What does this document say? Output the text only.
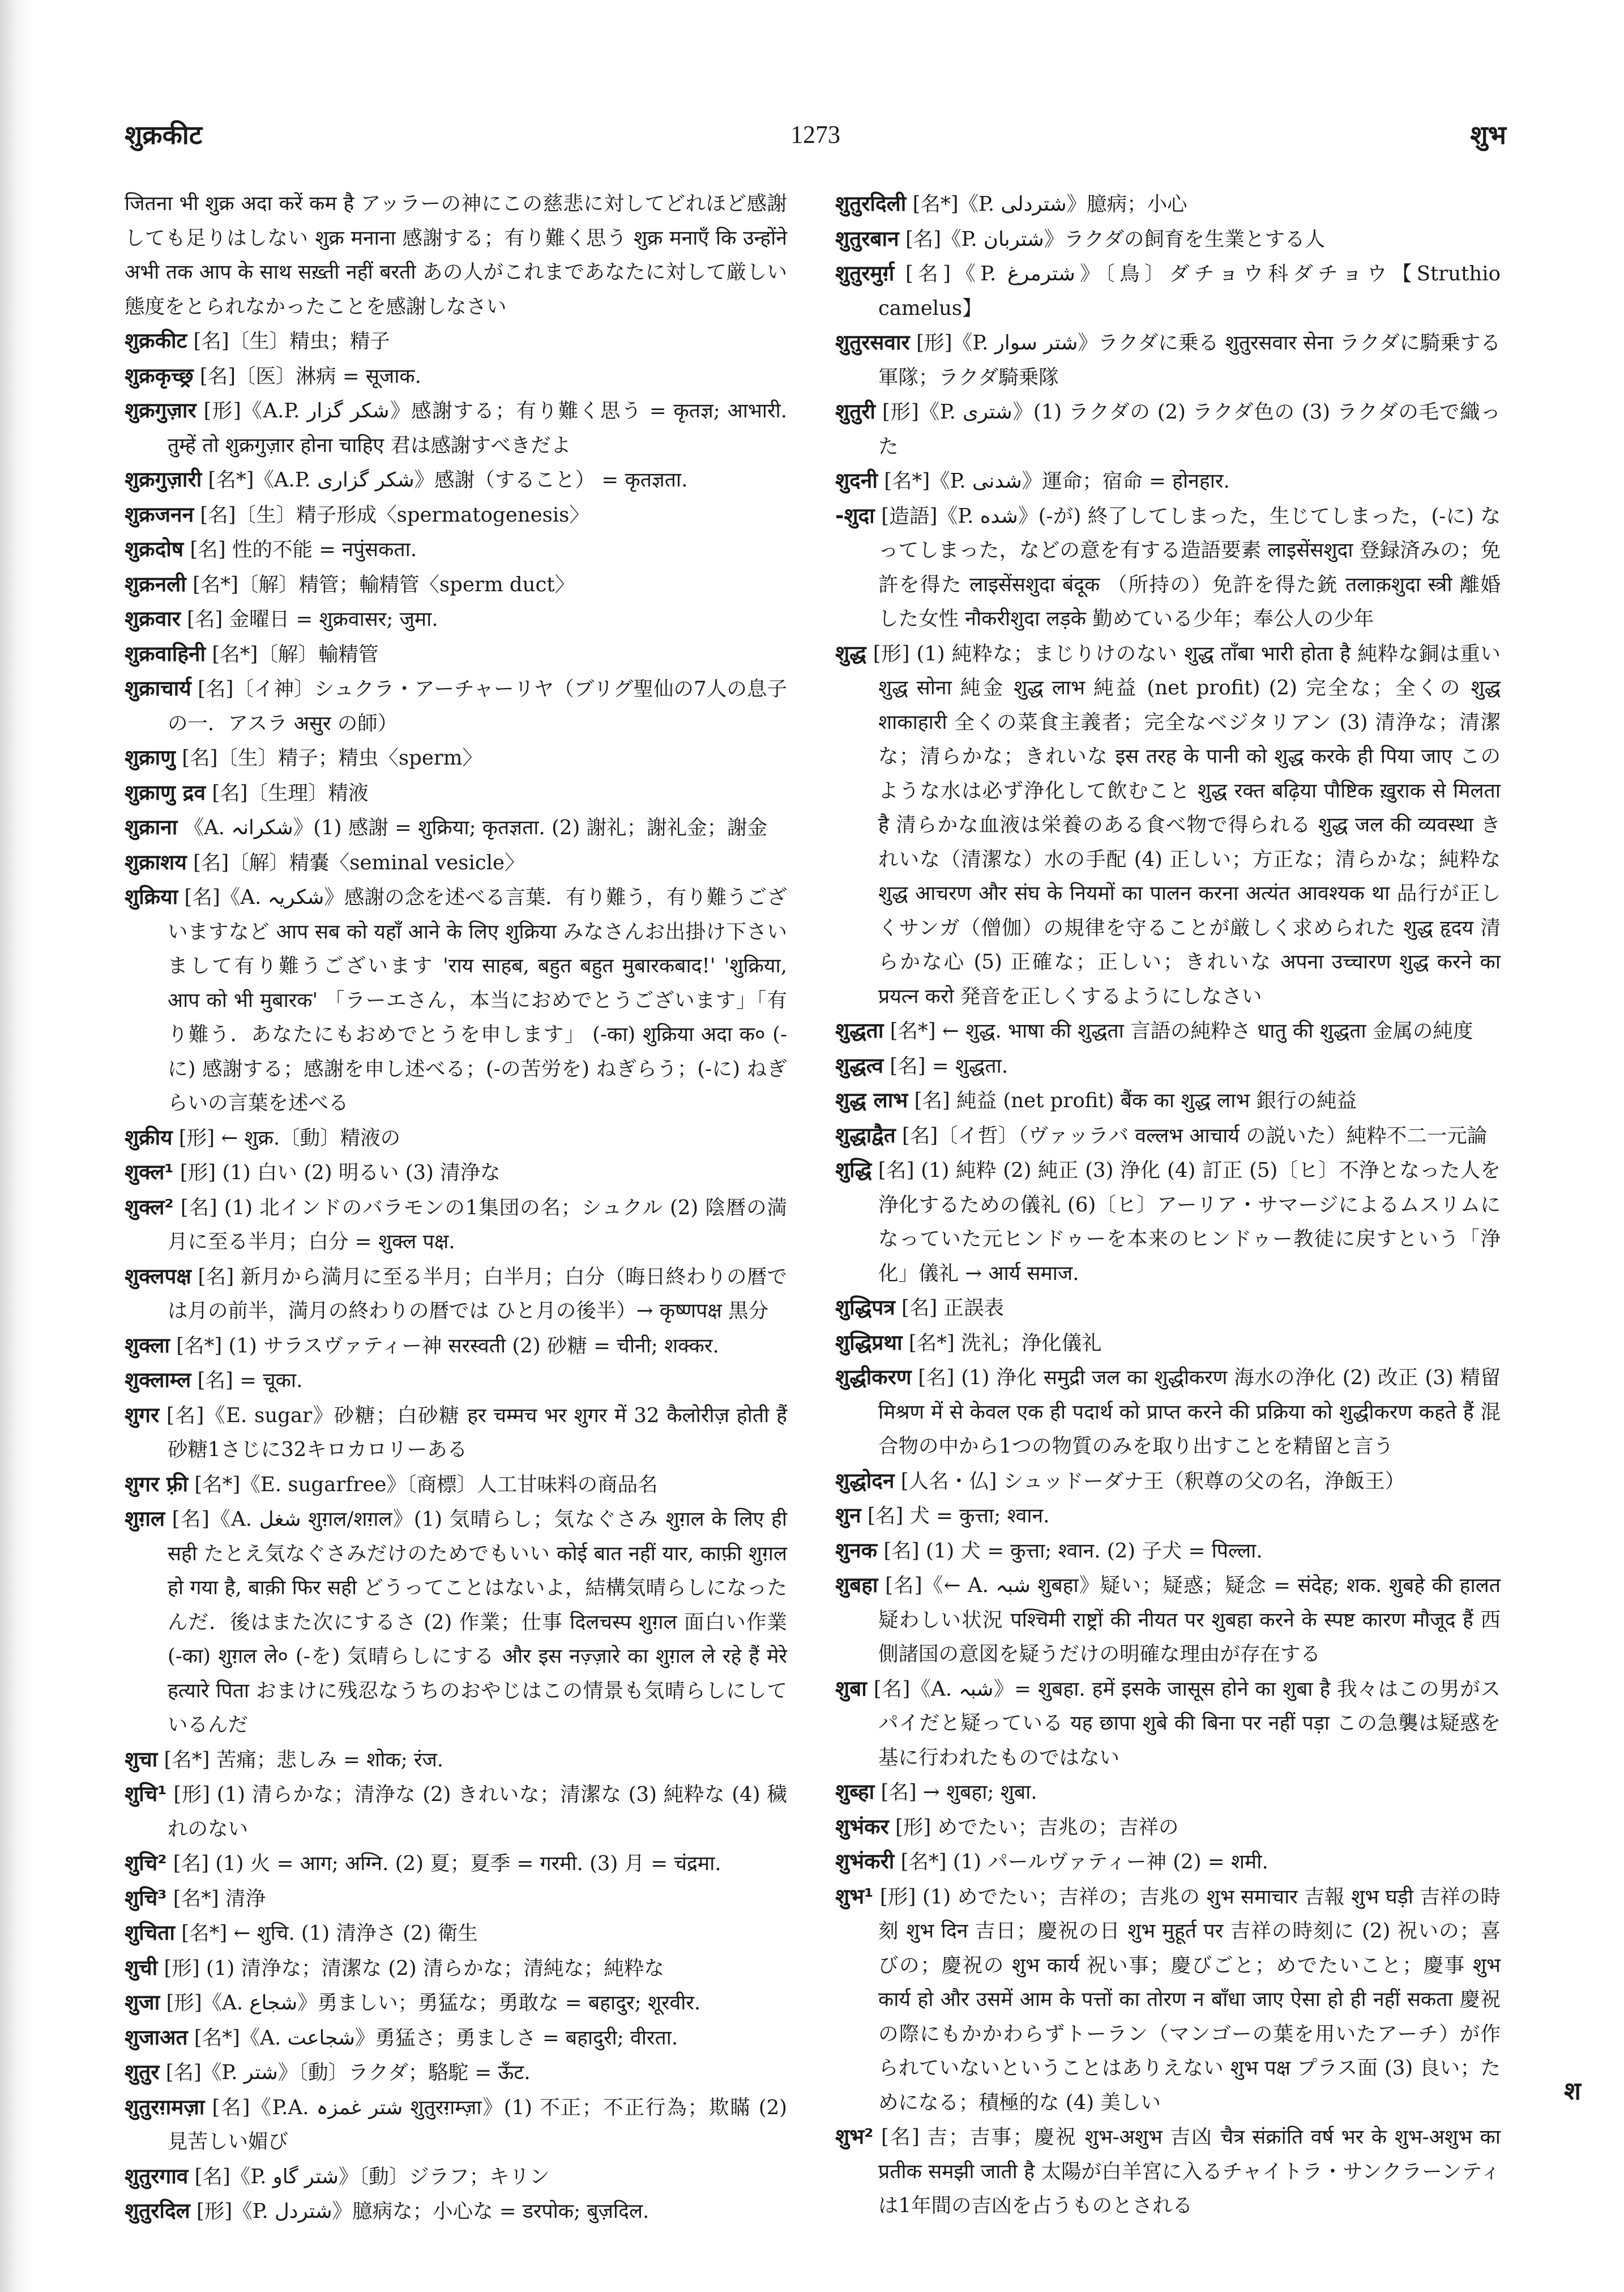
शुक्रकीट	1273	शुभ

जितना भी शुक्र अदा करें कम है アッラーの神にこの慈悲に対してどれほど感謝しても足りはしない शुक्र मनाना 感謝する；有り難く思う शुक्र मनाएँ कि उन्होंने अभी तक आप के साथ सख़्ती नहीं बरती あの人がこれまであなたに対して厳しい態度をとられなかったことを感謝しなさい

शुक्रकीट [名]〔生〕精虫；精子

शुक्रकृच्छ्र [名]〔医〕淋病 = सूजाक.

शुक्रगुज़ार [形]《A.P. شکر گزار》感謝する；有り難く思う = कृतज्ञ; आभारी. तुम्हें तो शुक्रगुज़ार होना चाहिए 君は感謝すべきだよ

शुक्रगुज़ारी [名*]《A.P. شکر گزاری》感謝（すること） = कृतज्ञता.

शुक्रजनन [名]〔生〕精子形成〈spermatogenesis〉

शुक्रदोष [名] 性的不能 = नपुंसकता.

शुक्रनली [名*]〔解〕精管；輸精管〈sperm duct〉

शुक्रवार [名] 金曜日 = शुक्रवासर; जुमा.

शुक्रवाहिनी [名*]〔解〕輸精管

शुक्राचार्य [名]〔イ神〕シュクラ・アーチャーリヤ（ブリグ聖仙の7人の息子の一．アスラ असुर の師）

शुक्राणु [名]〔生〕精子；精虫〈sperm〉

शुक्राणु द्रव [名]〔生理〕精液

शुक्राना 《A. شکرانہ》(1) 感謝 = शुक्रिया; कृतज्ञता. (2) 謝礼；謝礼金；謝金

शुक्राशय [名]〔解〕精嚢〈seminal vesicle〉

शुक्रिया [名]《A. شکریہ》感謝の念を述べる言葉．有り難う，有り難うございますなど आप सब को यहाँ आने के लिए शुक्रिया みなさんお出掛け下さいまして有り難うございます 'राय साहब, बहुत बहुत मुबारकबाद!' 'शुक्रिया, आप को भी मुबारक' 「ラーエさん，本当におめでとうございます」「有り難う．あなたにもおめでとうを申します」 (-का) शुक्रिया अदा क० (-に) 感謝する；感謝を申し述べる；(-の苦労を) ねぎらう；(-に) ねぎらいの言葉を述べる

शुक्रीय [形] ← शुक्र.〔動〕精液の

शुक्ल¹ [形] (1) 白い (2) 明るい (3) 清浄な

शुक्ल² [名] (1) 北インドのバラモンの1集団の名；シュクル (2) 陰暦の満月に至る半月；白分 = शुक्ल पक्ष.

शुक्लपक्ष [名] 新月から満月に至る半月；白半月；白分（晦日終わりの暦では月の前半，満月の終わりの暦では ひと月の後半）→ कृष्णपक्ष 黒分

शुक्ला [名*] (1) サラスヴァティー神 सरस्वती (2) 砂糖 = चीनी; शक्कर.

शुक्लाम्ल [名] = चूका.

शुगर [名]《E. sugar》砂糖；白砂糖 हर चम्मच भर शुगर में 32 कैलोरीज़ होती हैं 砂糖1さじに32キロカロリーある

शुगर फ़्री [名*]《E. sugarfree》〔商標〕人工甘味料の商品名

शुग़ल [名]《A. شغل शुग़ल/शग़ल》(1) 気晴らし；気なぐさみ शुग़ल के लिए ही सही たとえ気なぐさみだけのためでもいい कोई बात नहीं यार, काफ़ी शुग़ल हो गया है, बाक़ी फिर सही どうってことはないよ，結構気晴らしになったんだ．後はまた次にするさ (2) 作業；仕事 दिलचस्प शुग़ल 面白い作業 (-का) शुग़ल ले० (-を) 気晴らしにする और इस नज़्ज़ारे का शुग़ल ले रहे हैं मेरे हत्यारे पिता おまけに残忍なうちのおやじはこの情景も気晴らしにしているんだ

शुचा [名*] 苦痛；悲しみ = शोक; रंज.

शुचि¹ [形] (1) 清らかな；清浄な (2) きれいな；清潔な (3) 純粋な (4) 穢れのない

शुचि² [名] (1) 火 = आग; अग्नि. (2) 夏；夏季 = गरमी. (3) 月 = चंद्रमा.

शुचि³ [名*] 清浄

शुचिता [名*] ← शुचि. (1) 清浄さ (2) 衛生

शुची [形] (1) 清浄な；清潔な (2) 清らかな；清純な；純粋な

शुजा [形]《A. شجاع》勇ましい；勇猛な；勇敢な = बहादुर; शूरवीर.

शुजाअत [名*]《A. شجاعت》勇猛さ；勇ましさ = बहादुरी; वीरता.

शुतुर [名]《P. شتر》〔動〕ラクダ；駱駝 = ऊँट.

शुतुरग़मज़ा [名]《P.A. شتر غمزہ शुतुरग़म्ज़ा》(1) 不正；不正行為；欺瞞 (2) 見苦しい媚び

शुतुरगाव [名]《P. شتر گاو》〔動〕ジラフ；キリン

शुतुरदिल [形]《P. شتردل》臆病な；小心な = डरपोक; बुज़दिल.

शुतुरदिली [名*]《P. شتردلی》臆病；小心

शुतुरबान [名]《P. شتربان》ラクダの飼育を生業とする人

शुतुरमुर्ग़ [名]《P. شترمرغ》〔鳥〕ダチョウ科ダチョウ【Struthio camelus】

शुतुरसवार [形]《P. شتر سوار》ラクダに乗る शुतुरसवार सेना ラクダに騎乗する軍隊；ラクダ騎乗隊

शुतुरी [形]《P. شتری》(1) ラクダの (2) ラクダ色の (3) ラクダの毛で織った

शुदनी [名*]《P. شدنی》運命；宿命 = होनहार.

-शुदा [造語]《P. شده》(-が) 終了してしまった，生じてしまった，(-に) なってしまった，などの意を有する造語要素 लाइसेंसशुदा 登録済みの；免許を得た लाइसेंसशुदा बंदूक （所持の）免許を得た銃 तलाक़शुदा स्त्री 離婚した女性 नौकरीशुदा लड़के 勤めている少年；奉公人の少年

शुद्ध [形] (1) 純粋な；まじりけのない शुद्ध ताँबा भारी होता है 純粋な銅は重い शुद्ध सोना 純金 शुद्ध लाभ 純益 (net profit) (2) 完全な；全くの शुद्ध शाकाहारी 全くの菜食主義者；完全なベジタリアン (3) 清浄な；清潔な；清らかな；きれいな इस तरह के पानी को शुद्ध करके ही पिया जाए このような水は必ず浄化して飲むこと शुद्ध रक्त बढ़िया पौष्टिक ख़ुराक से मिलता है 清らかな血液は栄養のある食べ物で得られる शुद्ध जल की व्यवस्था きれいな（清潔な）水の手配 (4) 正しい；方正な；清らかな；純粋な शुद्ध आचरण और संघ के नियमों का पालन करना अत्यंत आवश्यक था 品行が正しくサンガ（僧伽）の規律を守ることが厳しく求められた शुद्ध हृदय 清らかな心 (5) 正確な；正しい；きれいな अपना उच्चारण शुद्ध करने का प्रयत्न करो 発音を正しくするようにしなさい

शुद्धता [名*] ← शुद्ध. भाषा की शुद्धता 言語の純粋さ धातु की शुद्धता 金属の純度

शुद्धत्व [名] = शुद्धता.

शुद्ध लाभ [名] 純益 (net profit) बैंक का शुद्ध लाभ 銀行の純益

शुद्धाद्वैत [名]〔イ哲〕（ヴァッラバ वल्लभ आचार्य の説いた）純粋不二一元論

शुद्धि [名] (1) 純粋 (2) 純正 (3) 浄化 (4) 訂正 (5)〔ヒ〕不浄となった人を浄化するための儀礼 (6)〔ヒ〕アーリア・サマージによるムスリムになっていた元ヒンドゥーを本来のヒンドゥー教徒に戻すという「浄化」儀礼 → आर्य समाज.

शुद्धिपत्र [名] 正誤表

शुद्धिप्रथा [名*] 洗礼；浄化儀礼

शुद्धीकरण [名] (1) 浄化 समुद्री जल का शुद्धीकरण 海水の浄化 (2) 改正 (3) 精留 मिश्रण में से केवल एक ही पदार्थ को प्राप्त करने की प्रक्रिया को शुद्धीकरण कहते हैं 混合物の中から1つの物質のみを取り出すことを精留と言う

शुद्धोदन [人名・仏] シュッドーダナ王（釈尊の父の名，浄飯王）

शुन [名] 犬 = कुत्ता; श्वान.

शुनक [名] (1) 犬 = कुत्ता; श्वान. (2) 子犬 = पिल्ला.

शुबहा [名]《← A. شبہ शुबहा》疑い；疑惑；疑念 = संदेह; शक. शुबहे की हालत 疑わしい状況 पश्चिमी राष्ट्रों की नीयत पर शुबहा करने के स्पष्ट कारण मौजूद हैं 西側諸国の意図を疑うだけの明確な理由が存在する

शुबा [名]《A. شبہ》= शुबहा. हमें इसके जासूस होने का शुबा है 我々はこの男がスパイだと疑っている यह छापा शुबे की बिना पर नहीं पड़ा この急襲は疑惑を基に行われたものではない

शुब्हा [名] → शुबहा; शुबा.

शुभंकर [形] めでたい；吉兆の；吉祥の

शुभंकरी [名*] (1) パールヴァティー神 (2) = शमी.

शुभ¹ [形] (1) めでたい；吉祥の；吉兆の शुभ समाचार 吉報 शुभ घड़ी 吉祥の時刻 शुभ दिन 吉日；慶祝の日 शुभ मुहूर्त पर 吉祥の時刻に (2) 祝いの；喜びの；慶祝の शुभ कार्य 祝い事；慶びごと；めでたいこと；慶事 शुभ कार्य हो और उसमें आम के पत्तों का तोरण न बाँधा जाए ऐसा हो ही नहीं सकता 慶祝の際にもかかわらずトーラン（マンゴーの葉を用いたアーチ）が作られていないということはありえない शुभ पक्ष プラス面 (3) 良い；ためになる；積極的な (4) 美しい

शुभ² [名] 吉；吉事；慶祝 शुभ-अशुभ 吉凶 चैत्र संक्रांति वर्ष भर के शुभ-अशुभ का प्रतीक समझी जाती है 太陽が白羊宮に入るチャイトラ・サンクラーンティは1年間の吉凶を占うものとされる

श
